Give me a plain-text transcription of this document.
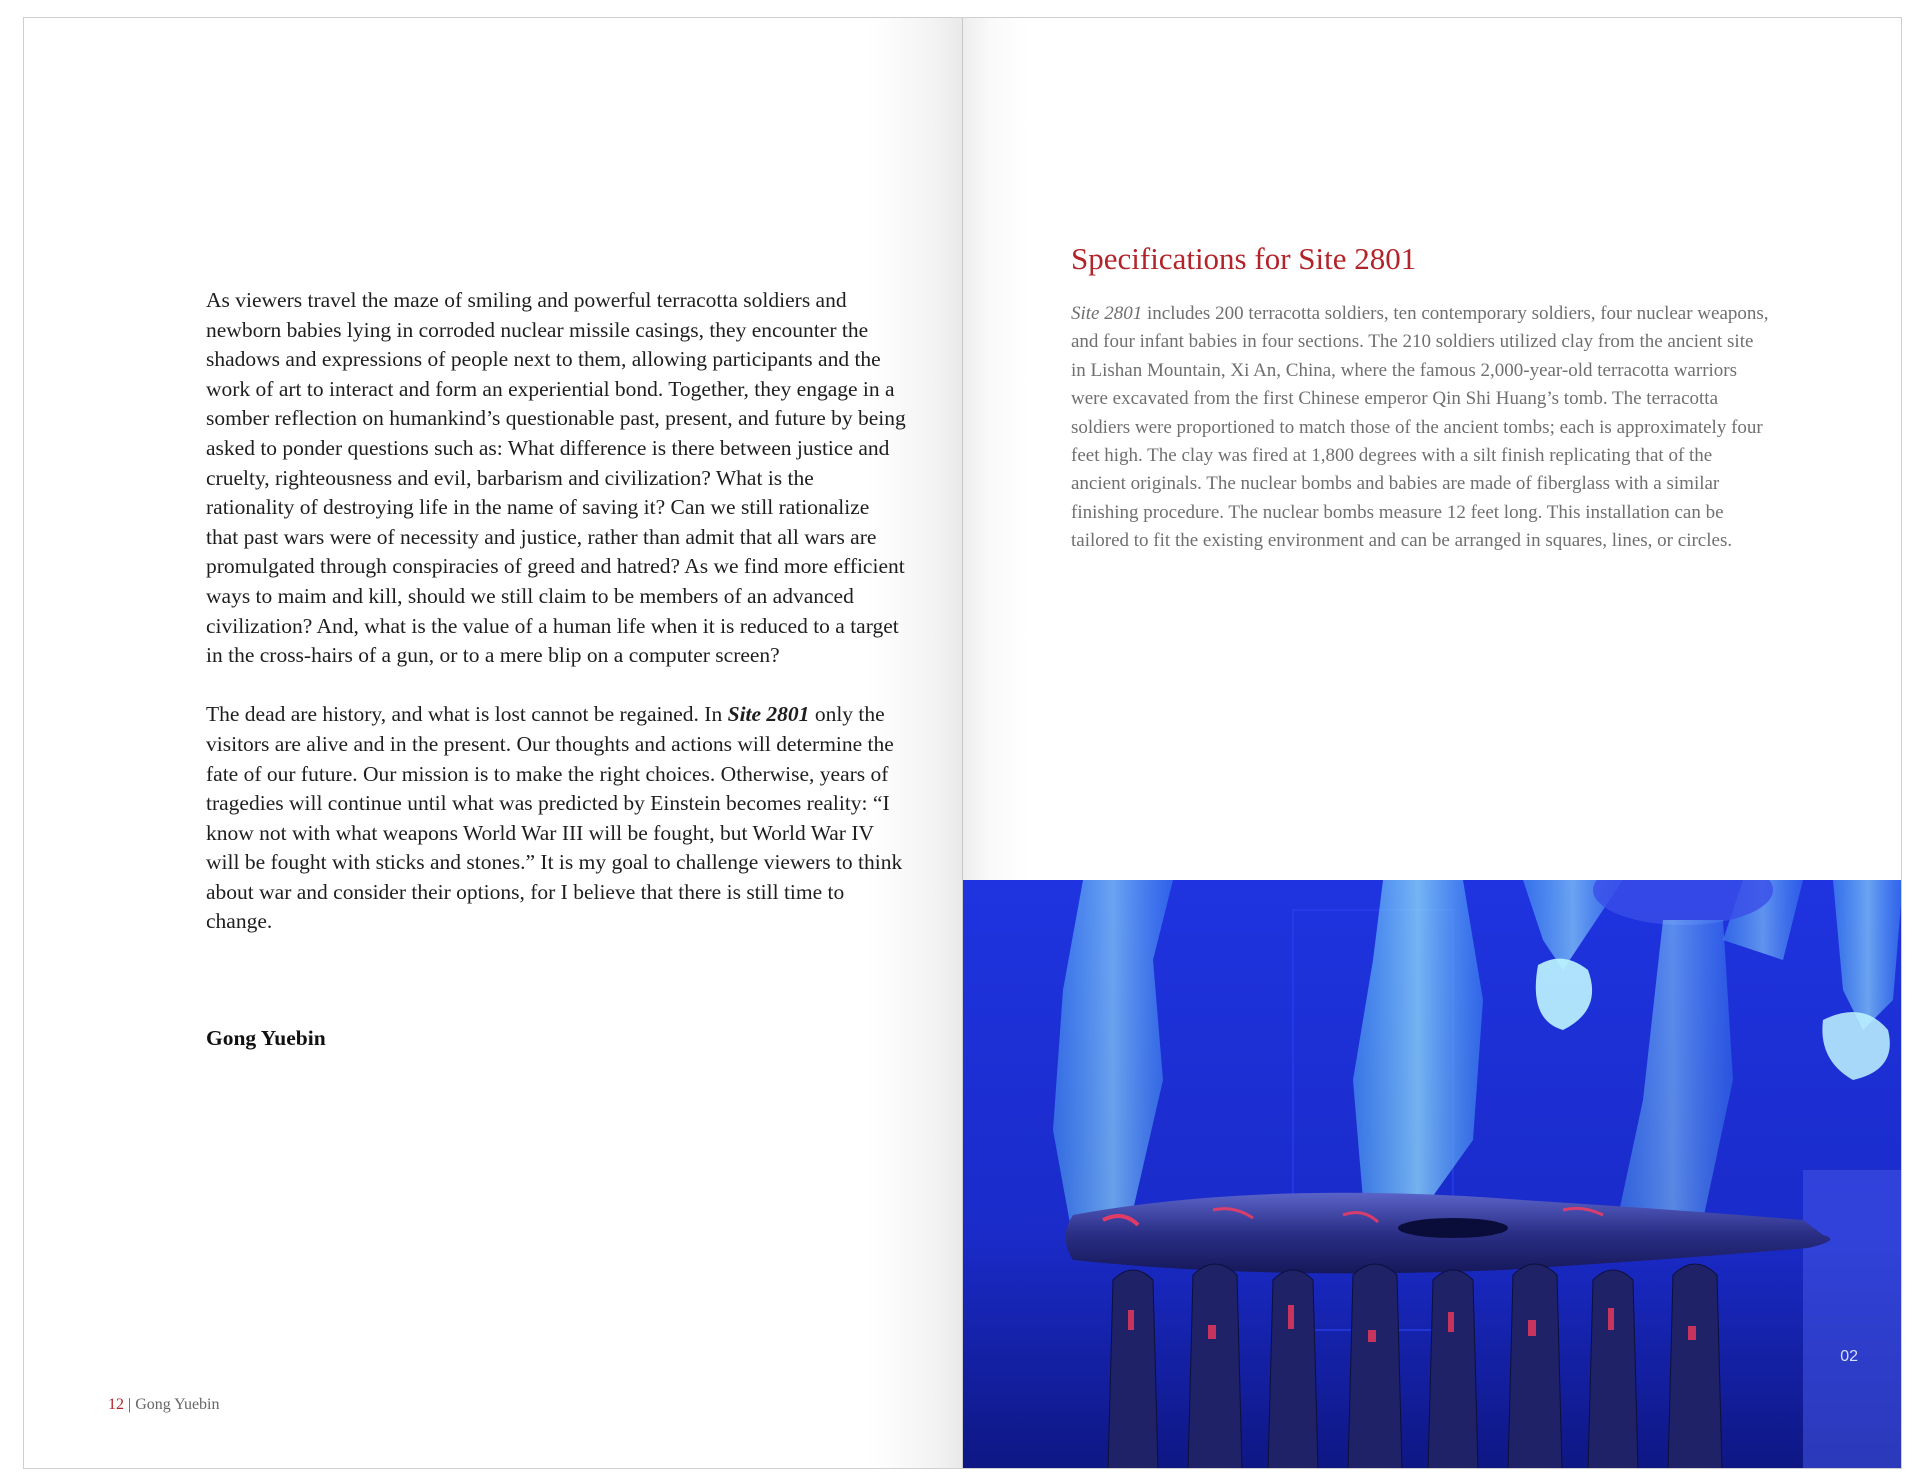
As viewers travel the maze of smiling and powerful terracotta soldiers and newborn babies lying in corroded nuclear missile casings, they encounter the shadows and expressions of people next to them, allowing participants and the work of art to interact and form an experiential bond. Together, they engage in a somber reflection on humankind’s questionable past, present, and future by being asked to ponder questions such as: What difference is there between justice and cruelty, righteousness and evil, barbarism and civilization? What is the rationality of destroying life in the name of saving it? Can we still rationalize that past wars were of necessity and justice, rather than admit that all wars are promulgated through conspiracies of greed and hatred? As we find more efficient ways to maim and kill, should we still claim to be members of an advanced civilization? And, what is the value of a human life when it is reduced to a target in the cross-hairs of a gun, or to a mere blip on a computer screen?

The dead are history, and what is lost cannot be regained. In Site 2801 only the visitors are alive and in the present. Our thoughts and actions will determine the fate of our future. Our mission is to make the right choices. Otherwise, years of tragedies will continue until what was predicted by Einstein becomes reality: “I know not with what weapons World War III will be fought, but World War IV will be fought with sticks and stones.” It is my goal to challenge viewers to think about war and consider their options, for I believe that there is still time to change.

Gong Yuebin
12 | Gong Yuebin
Specifications for Site 2801

Site 2801 includes 200 terracotta soldiers, ten contemporary soldiers, four nuclear weapons, and four infant babies in four sections. The 210 soldiers utilized clay from the ancient site in Lishan Mountain, Xi An, China, where the famous 2,000-year-old terracotta warriors were excavated from the first Chinese emperor Qin Shi Huang’s tomb. The terracotta soldiers were proportioned to match those of the ancient tombs; each is approximately four feet high. The clay was fired at 1,800 degrees with a silt finish replicating that of the ancient originals. The nuclear bombs and babies are made of fiberglass with a similar finishing procedure. The nuclear bombs measure 12 feet long. This installation can be tailored to fit the existing environment and can be arranged in squares, lines, or circles.

02
